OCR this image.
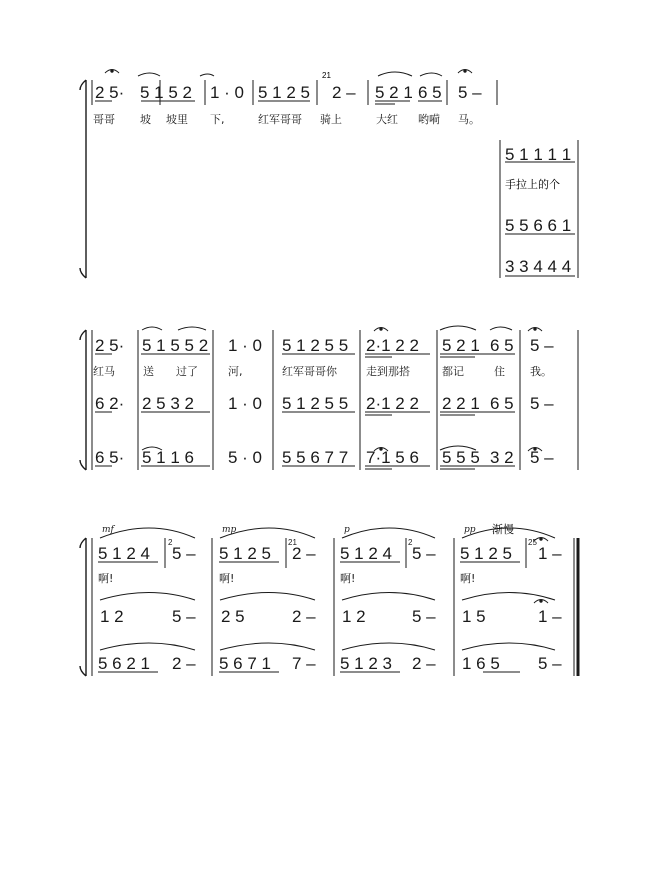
2 5· 5 1 5 2 1 · 0 5 1 2 5 2 – 5 2 1 6 5 5 –
21
哥哥 坡 坡里 下,	红军哥哥 骑上	大红 哟嗬 马。
5 1 1 1 1
5 5 6 6 1
3 3 4 4 4
手拉上的个
2 5· 5 1 5 5 2 1 · 0 5 1 2 5 5 2·1 2 2 5 2 1 6 5 5 –
6 2· 2 5 3 2 1 · 0 5 1 2 5 5 2·1 2 2 2 2 1 6 5 5 –
6 5· 5 1 1 6 5 · 0 5 5 6 7 7 7·1 5 6 5 5 5 3 2 5 –
红马	送 过了	河,	红军哥哥你	走到那搭	都记	住 我。
mf	mp	p	pp 渐慢
2	21	2	25
5 1 2 4 5 – 5 1 2 5 2 – 5 1 2 4 5 – 5 1 2 5 1 –
1 2	5 – 2 5	2 – 1 2	5 – 1 5	1 –
5 6 2 1 2 – 5 6 7 1 7 – 5 1 2 3 2 – 1 6 5 5 –
啊!	啊!	啊!	啊!
